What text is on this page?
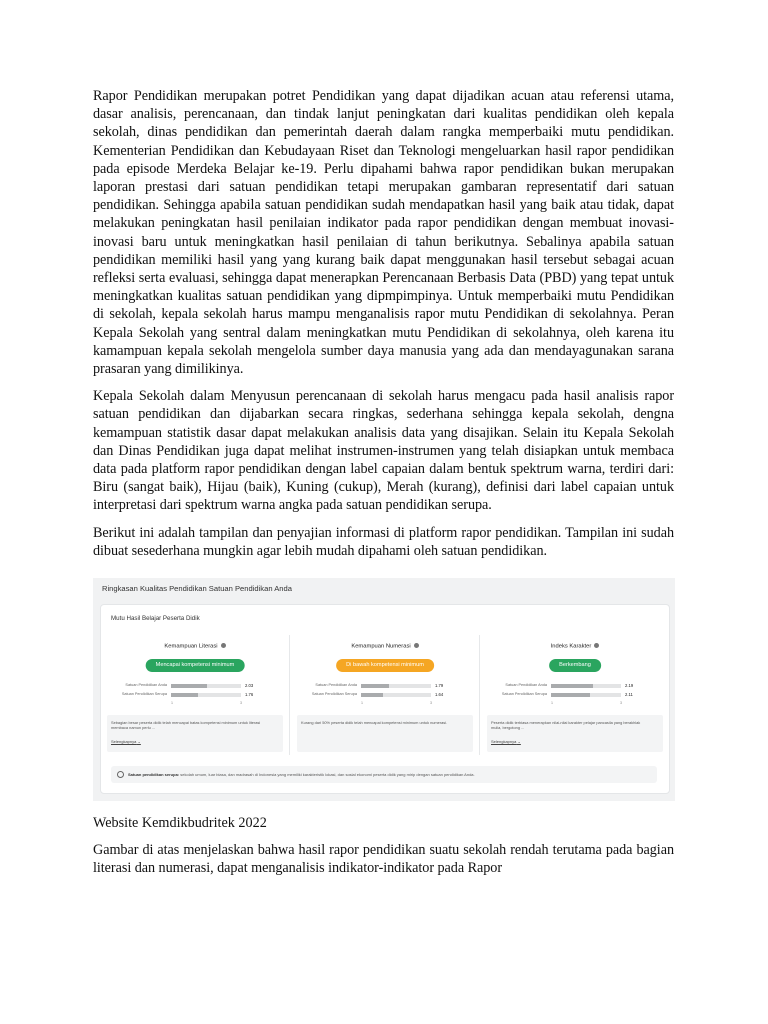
Rapor Pendidikan merupakan potret Pendidikan yang dapat dijadikan acuan atau referensi utama, dasar analisis, perencanaan, dan tindak lanjut peningkatan dari kualitas pendidikan oleh kepala sekolah, dinas pendidikan dan pemerintah daerah dalam rangka memperbaiki mutu pendidikan. Kementerian Pendidikan dan Kebudayaan Riset dan Teknologi mengeluarkan hasil rapor pendidikan pada episode Merdeka Belajar ke-19. Perlu dipahami bahwa rapor pendidikan bukan merupakan laporan prestasi dari satuan pendidikan tetapi merupakan gambaran representatif dari satuan pendidikan. Sehingga apabila satuan pendidikan sudah mendapatkan hasil yang baik atau tidak, dapat melakukan peningkatan hasil penilaian indikator pada rapor pendidikan dengan membuat inovasi-inovasi baru untuk meningkatkan hasil penilaian di tahun berikutnya. Sebalinya apabila satuan pendidikan memiliki hasil yang yang kurang baik dapat menggunakan hasil tersebut sebagai acuan refleksi serta evaluasi, sehingga dapat menerapkan Perencanaan Berbasis Data (PBD) yang tepat untuk meningkatkan kualitas satuan pendidikan yang dipmpimpinya. Untuk memperbaiki mutu Pendidikan di sekolah, kepala sekolah harus mampu menganalisis rapor mutu Pendidikan di sekolahnya. Peran Kepala Sekolah yang sentral dalam meningkatkan mutu Pendidikan di sekolahnya, oleh karena itu kamampuan kepala sekolah mengelola sumber daya manusia yang ada dan mendayagunakan sarana prasaran yang dimilikinya.

Kepala Sekolah dalam Menyusun perencanaan di sekolah harus mengacu pada hasil analisis rapor satuan pendidikan dan dijabarkan secara ringkas, sederhana sehingga kepala sekolah, dengna kemampuan statistik dasar dapat melakukan analisis data yang disajikan. Selain itu Kepala Sekolah dan Dinas Pendidikan juga dapat melihat instrumen-instrumen yang telah disiapkan untuk membaca data pada platform rapor pendidikan dengan label capaian dalam bentuk spektrum warna, terdiri dari: Biru (sangat baik), Hijau (baik), Kuning (cukup), Merah (kurang), definisi dari label capaian untuk interpretasi dari spektrum warna angka pada satuan pendidikan serupa.

Berikut ini adalah tampilan dan penyajian informasi di platform rapor pendidikan. Tampilan ini sudah dibuat sesederhana mungkin agar lebih mudah dipahami oleh satuan pendidikan.

Ringkasan Kualitas Pendidikan Satuan Pendidikan Anda
Mutu Hasil Belajar Peserta Didik
Kemampuan Literasi
Mencapai kompetensi minimum
Satuan Pendidikan Anda	2.03
Satuan Pendidikan Serupa	1.76
1	3
Sebagian besar peserta didik telah mencapai batas kompetensi minimum untuk literasi membaca namun perlu ...
Selengkapnya ⌄
Kemampuan Numerasi
Di bawah kompetensi minimum
Satuan Pendidikan Anda	1.79
Satuan Pendidikan Serupa	1.64
1	3
Kurang dari 50% peserta didik telah mencapai kompetensi minimum untuk numerasi.
Indeks Karakter
Berkembang
Satuan Pendidikan Anda	2.19
Satuan Pendidikan Serupa	2.11
1	3
Peserta didik terbiasa menerapkan nilai-nilai karakter pelajar pancasila yang berakhlak mulia, bergotong ...
Selengkapnya ⌄
Satuan pendidikan serupa: sekolah umum, luar biasa, dan madrasah di Indonesia yang memiliki karakteristik lokasi, dan sosial ekonomi peserta didik yang mirip dengan satuan pendidikan Anda.

Website Kemdikbudritek 2022

Gambar di atas menjelaskan bahwa hasil rapor pendidikan suatu sekolah rendah terutama pada bagian literasi dan numerasi, dapat menganalisis indikator-indikator pada Rapor
